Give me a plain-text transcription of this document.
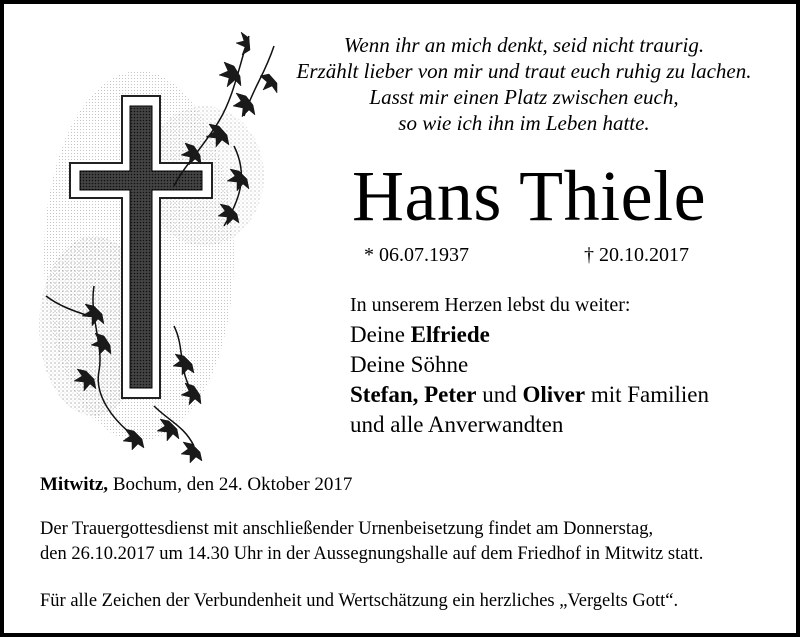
Wenn ihr an mich denkt, seid nicht traurig.
Erzählt lieber von mir und traut euch ruhig zu lachen.
Lasst mir einen Platz zwischen euch,
so wie ich ihn im Leben hatte.
Hans Thiele
* 06.07.1937	† 20.10.2017
In unserem Herzen lebst du weiter:
Deine Elfriede
Deine Söhne
Stefan, Peter und Oliver mit Familien
und alle Anverwandten
Mitwitz, Bochum, den 24. Oktober 2017
Der Trauergottesdienst mit anschließender Urnenbeisetzung findet am Donnerstag,
den 26.10.2017 um 14.30 Uhr in der Aussegnungshalle auf dem Friedhof in Mitwitz statt.
Für alle Zeichen der Verbundenheit und Wertschätzung ein herzliches „Vergelts Gott“.
